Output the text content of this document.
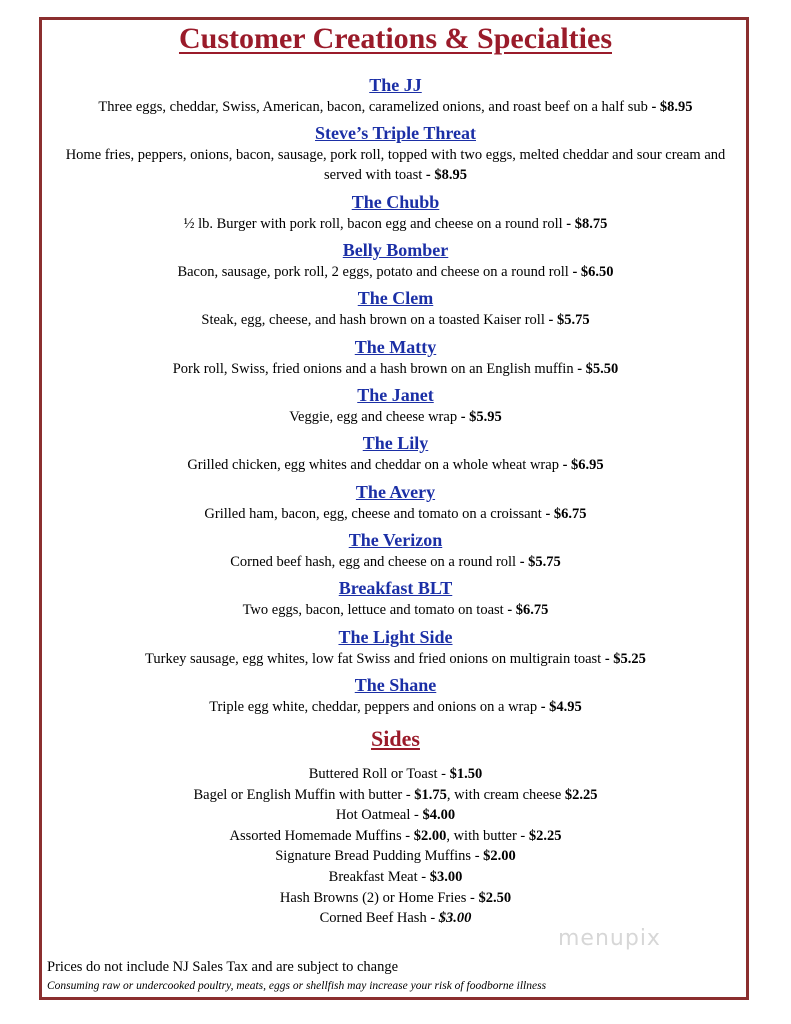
Customer Creations & Specialties
The JJ
Three eggs, cheddar, Swiss, American, bacon, caramelized onions, and roast beef on a half sub - $8.95
Steve’s Triple Threat
Home fries, peppers, onions, bacon, sausage, pork roll, topped with two eggs, melted cheddar and sour cream and served with toast - $8.95
The Chubb
½ lb. Burger with pork roll, bacon egg and cheese on a round roll - $8.75
Belly Bomber
Bacon, sausage, pork roll, 2 eggs, potato and cheese on a round roll - $6.50
The Clem
Steak, egg, cheese, and hash brown on a toasted Kaiser roll - $5.75
The Matty
Pork roll, Swiss, fried onions and a hash brown on an English muffin - $5.50
The Janet
Veggie, egg and cheese wrap - $5.95
The Lily
Grilled chicken, egg whites and cheddar on a whole wheat wrap - $6.95
The Avery
Grilled ham, bacon, egg, cheese and tomato on a croissant - $6.75
The Verizon
Corned beef hash, egg and cheese on a round roll - $5.75
Breakfast BLT
Two eggs, bacon, lettuce and tomato on toast - $6.75
The Light Side
Turkey sausage, egg whites, low fat Swiss and fried onions on multigrain toast - $5.25
The Shane
Triple egg white, cheddar, peppers and onions on a wrap - $4.95
Sides
Buttered Roll or Toast - $1.50
Bagel or English Muffin with butter - $1.75, with cream cheese $2.25
Hot Oatmeal - $4.00
Assorted Homemade Muffins - $2.00, with butter - $2.25
Signature Bread Pudding Muffins - $2.00
Breakfast Meat - $3.00
Hash Browns (2) or Home Fries - $2.50
Corned Beef Hash - $3.00
Prices do not include NJ Sales Tax and are subject to change
Consuming raw or undercooked poultry, meats, eggs or shellfish may increase your risk of foodborne illness
menupix
